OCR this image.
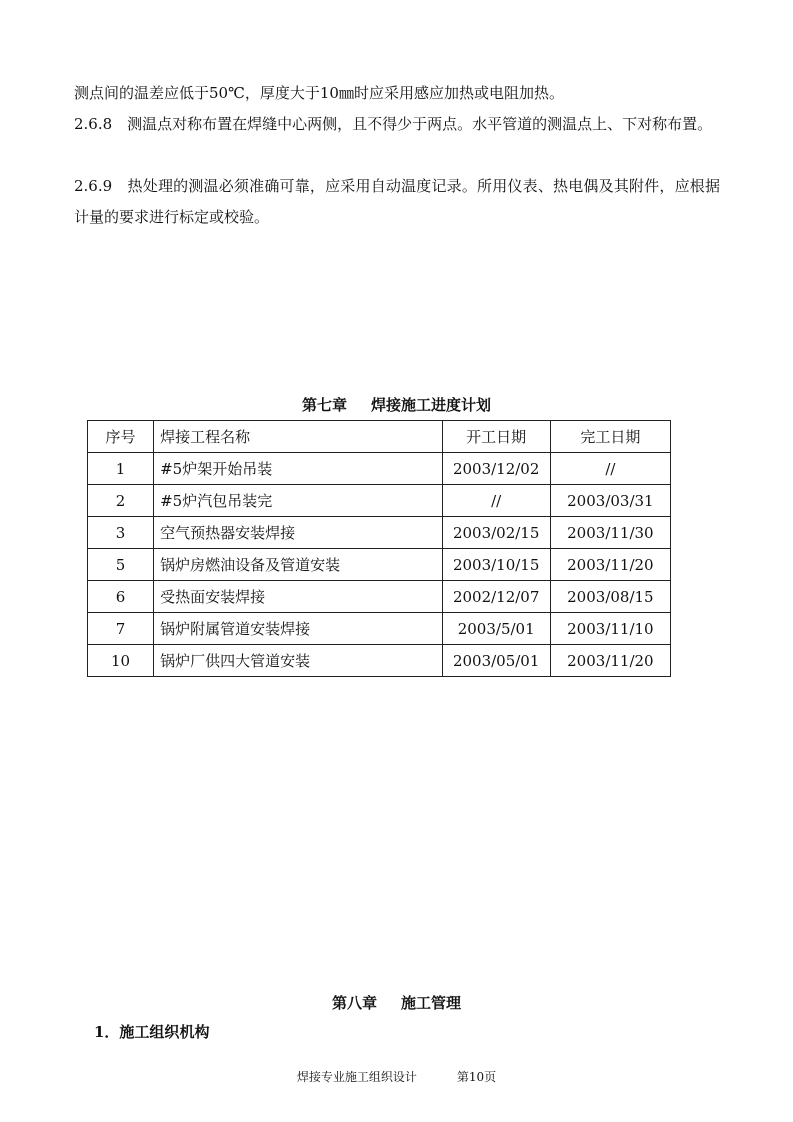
测点间的温差应低于50℃，厚度大于10㎜时应采用感应加热或电阻加热。

2.6.8　测温点对称布置在焊缝中心两侧，且不得少于两点。水平管道的测温点上、下对称布置。

2.6.9　热处理的测温必须准确可靠，应采用自动温度记录。所用仪表、热电偶及其附件，应根据计量的要求进行标定或校验。

第七章 焊接施工进度计划
序号	焊接工程名称	开工日期	完工日期
1	#5炉架开始吊装	2003/12/02	//
2	#5炉汽包吊装完	//	2003/03/31
3	空气预热器安装焊接	2003/02/15	2003/11/30
5	锅炉房燃油设备及管道安装	2003/10/15	2003/11/20
6	受热面安装焊接	2002/12/07	2003/08/15
7	锅炉附属管道安装焊接	2003/5/01	2003/11/10
10	锅炉厂供四大管道安装	2003/05/01	2003/11/20
第八章 施工管理
1．施工组织机构
焊接专业施工组织设计	第10页
